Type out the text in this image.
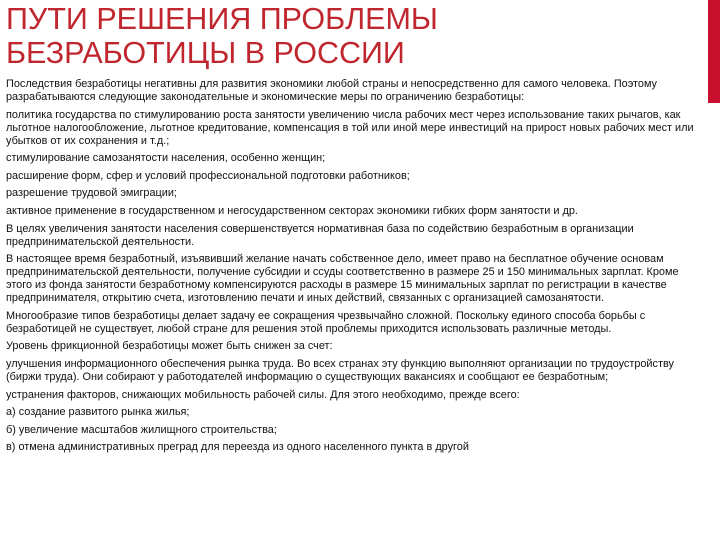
ПУТИ РЕШЕНИЯ ПРОБЛЕМЫ
БЕЗРАБОТИЦЫ В РОССИИ

Последствия безработицы негативны для развития экономики любой страны и непосредственно для самого человека. Поэтому разрабатываются следующие законодательные и экономические меры по ограничению безработицы:

политика государства по стимулированию роста занятости увеличению числа рабочих мест через использование таких рычагов, как льготное налогообложение, льготное кредитование, компенсация в той или иной мере инвестиций на прирост новых рабочих мест или убытков от их сохранения и т.д.;

стимулирование самозанятости населения, особенно женщин;

расширение форм, сфер и условий профессиональной подготовки работников;

разрешение трудовой эмиграции;

активное применение в государственном и негосударственном секторах экономики гибких форм занятости и др.

В целях увеличения занятости населения совершенствуется нормативная база по содействию безработным в организации предпринимательской деятельности.

В настоящее время безработный, изъявивший желание начать собственное дело, имеет право на бесплатное обучение основам предпринимательской деятельности, получение субсидии и ссуды соответственно в размере 25 и 150 минимальных зарплат. Кроме этого из фонда занятости безработному компенсируются расходы в размере 15 минимальных зарплат по регистрации в качестве предпринимателя, открытию счета, изготовлению печати и иных действий, связанных с организацией самозанятости.

Многообразие типов безработицы делает задачу ее сокращения чрезвычайно сложной. Поскольку единого способа борьбы с безработицей не существует, любой стране для решения этой проблемы приходится использовать различные методы.

Уровень фрикционной безработицы может быть снижен за счет:

улучшения информационного обеспечения рынка труда. Во всех странах эту функцию выполняют организации по трудоустройству (биржи труда). Они собирают у работодателей информацию о существующих вакансиях и сообщают ее безработным;

устранения факторов, снижающих мобильность рабочей силы. Для этого необходимо, прежде всего:

а) создание развитого рынка жилья;

б) увеличение масштабов жилищного строительства;

в) отмена административных преград для переезда из одного населенного пункта в другой
